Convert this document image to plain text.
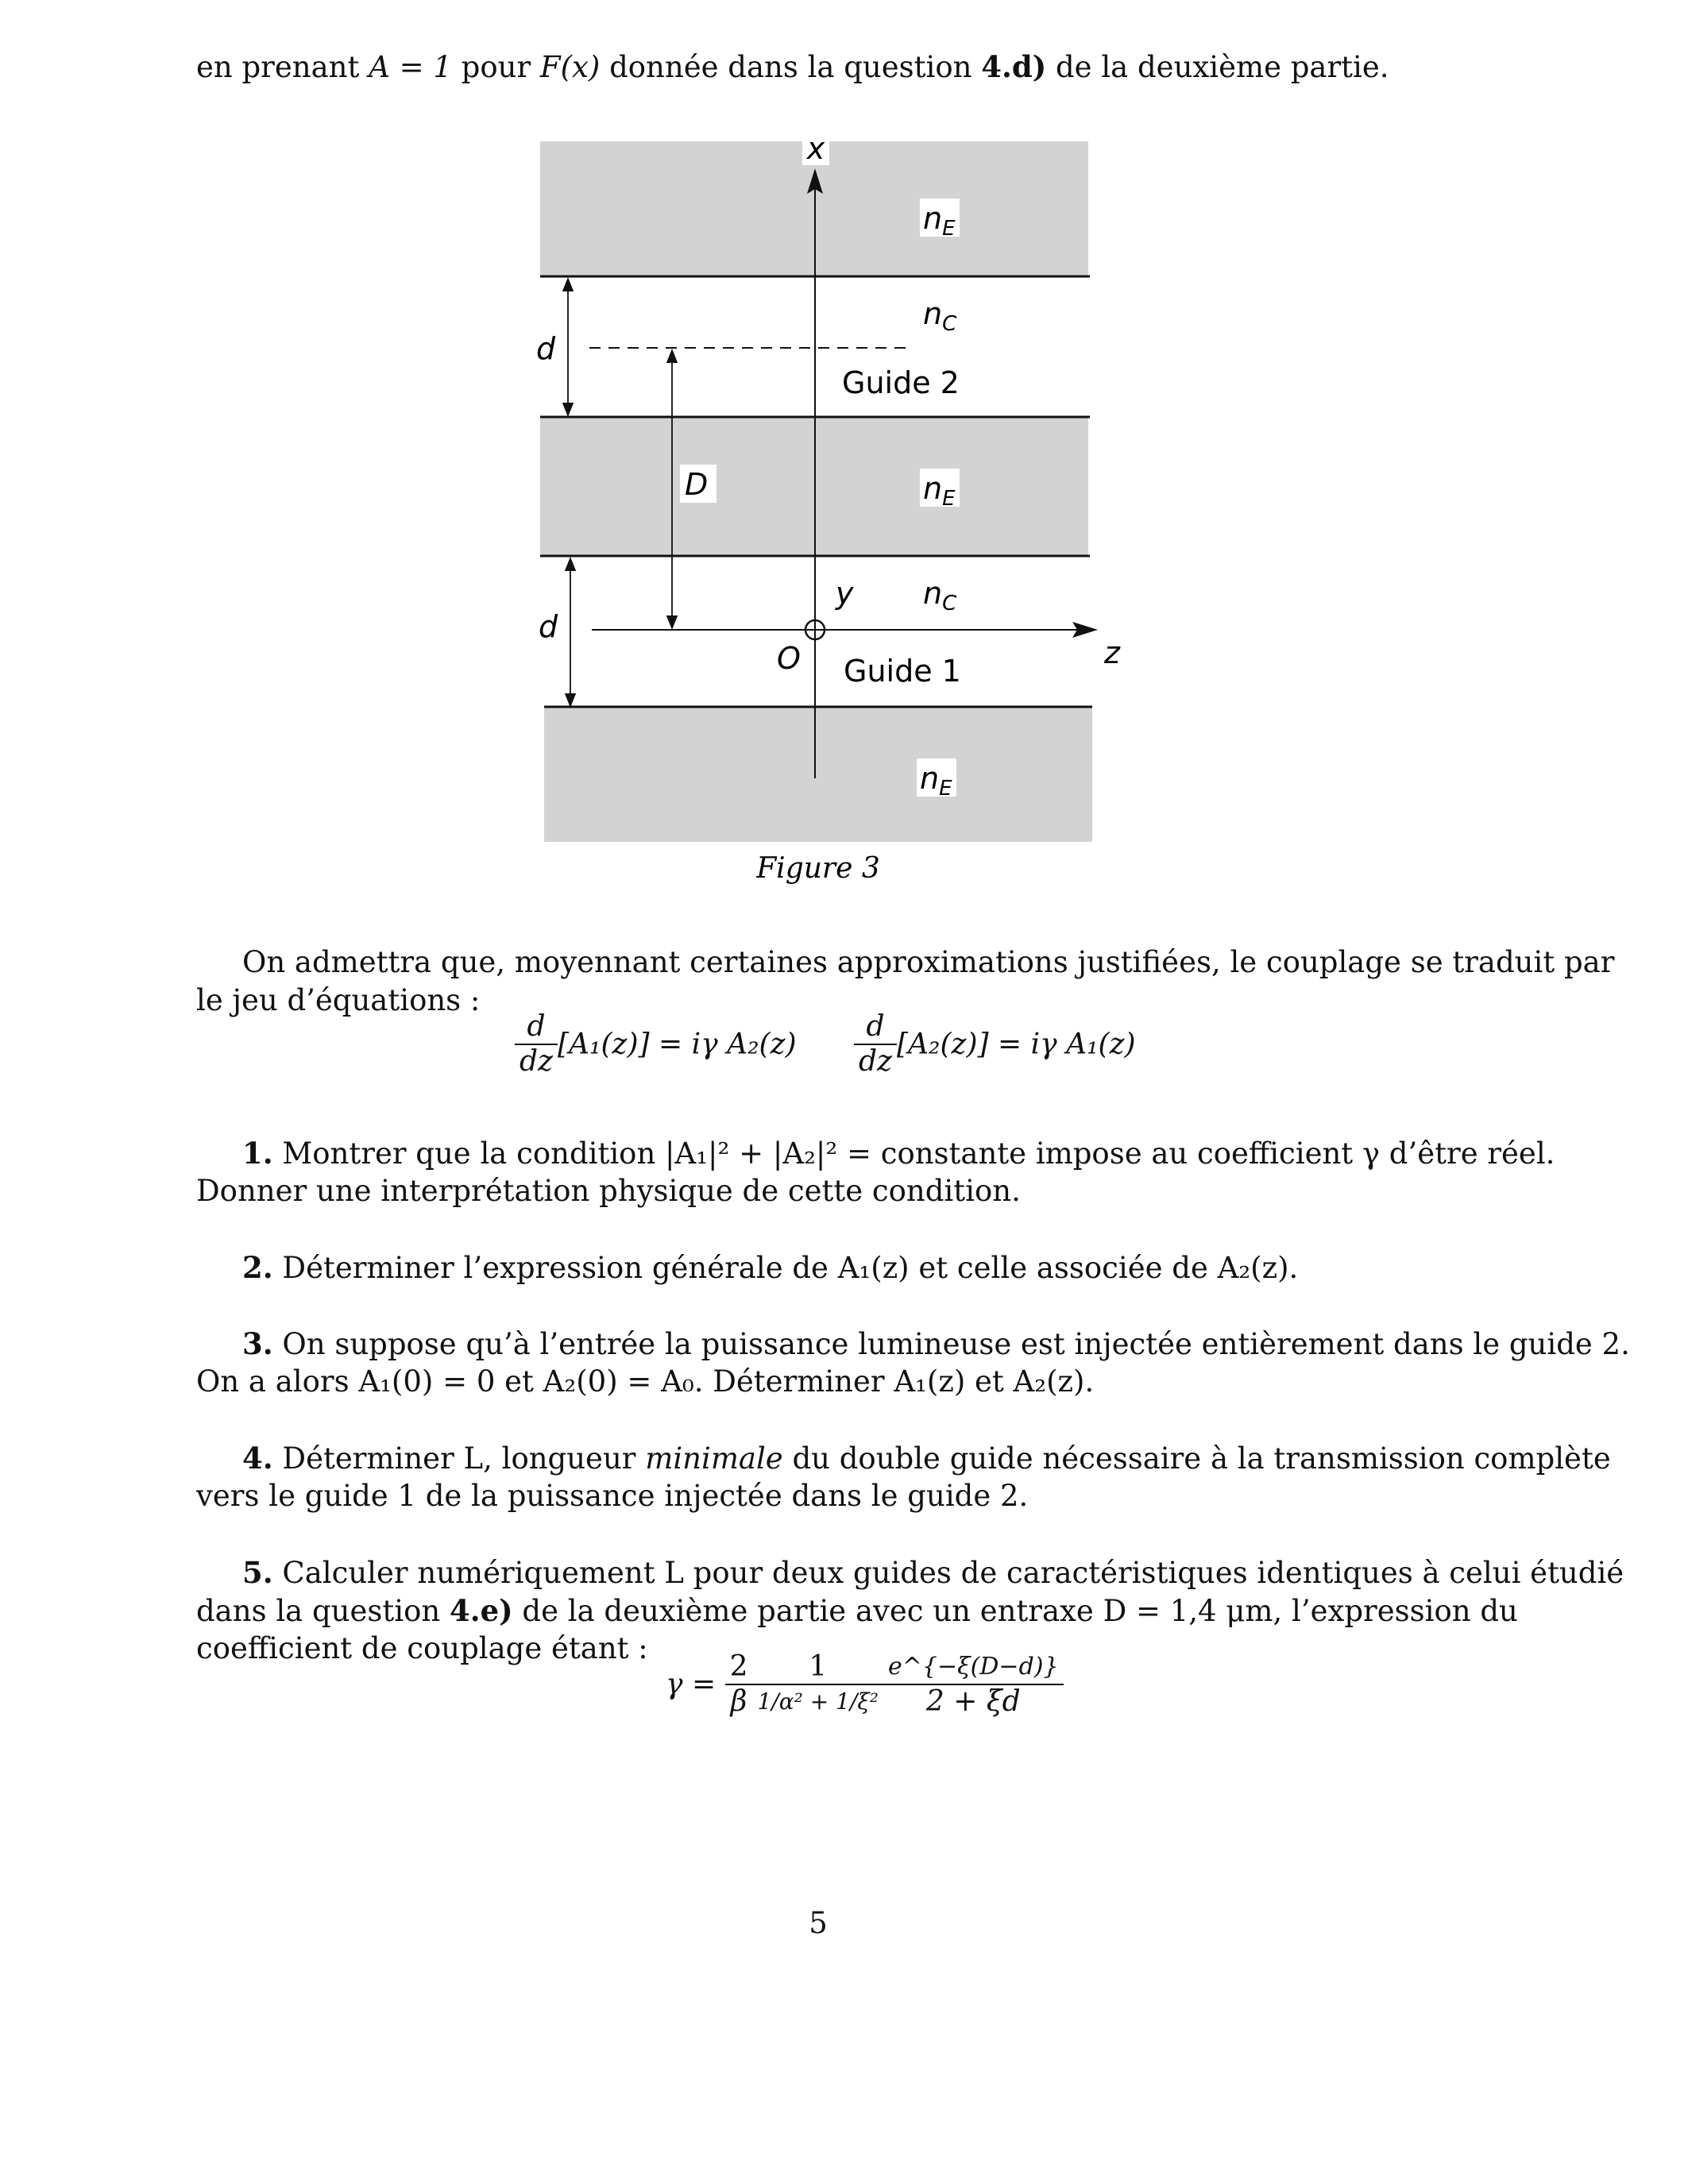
en prenant A = 1 pour F(x) donnée dans la question 4.d) de la deuxième partie.
x
z
O
y
$n_E$
$n_C$
$n_E$
$n_C$
$n_E$
Guide 2
Guide 1
d
d
D
Figure 3
On admettra que, moyennant certaines approximations justifiées, le couplage se traduit par
le jeu d’équations :
$\frac{d}{dz} [A_1(z)] = i\gamma$ $A_2(z) \frac{d}{dz} [A_2(z)] = i\gamma$ A₁(z)
1. Montrer que la condition |A₁|² + |A₂|² = constante impose au coefficient γ d’être réel.
Donner une interprétation physique de cette condition.
2. Déterminer l’expression générale de A₁(z) et celle associée de A₂(z).
3. On suppose qu’à l’entrée la puissance lumineuse est injectée entièrement dans le guide 2.
On a alors A₁(0) = 0 et A₂(0) = A₀. Déterminer A₁(z) et A₂(z).
4. Déterminer L, longueur minimale du double guide nécessaire à la transmission complète
vers le guide 1 de la puissance injectée dans le guide 2.
5. Calculer numériquement L pour deux guides de caractéristiques identiques à celui étudié
dans la question 4.e) de la deuxième partie avec un entraxe D = 1,4 μm, l’expression du
coefficient de couplage étant :
$\gamma = \frac{2}{\beta} \frac{1}{\text{1/α² + 1/ξ²}} \frac{e\^{}\{-\xi(D-d)\}}{2 + \xi d}$
5
